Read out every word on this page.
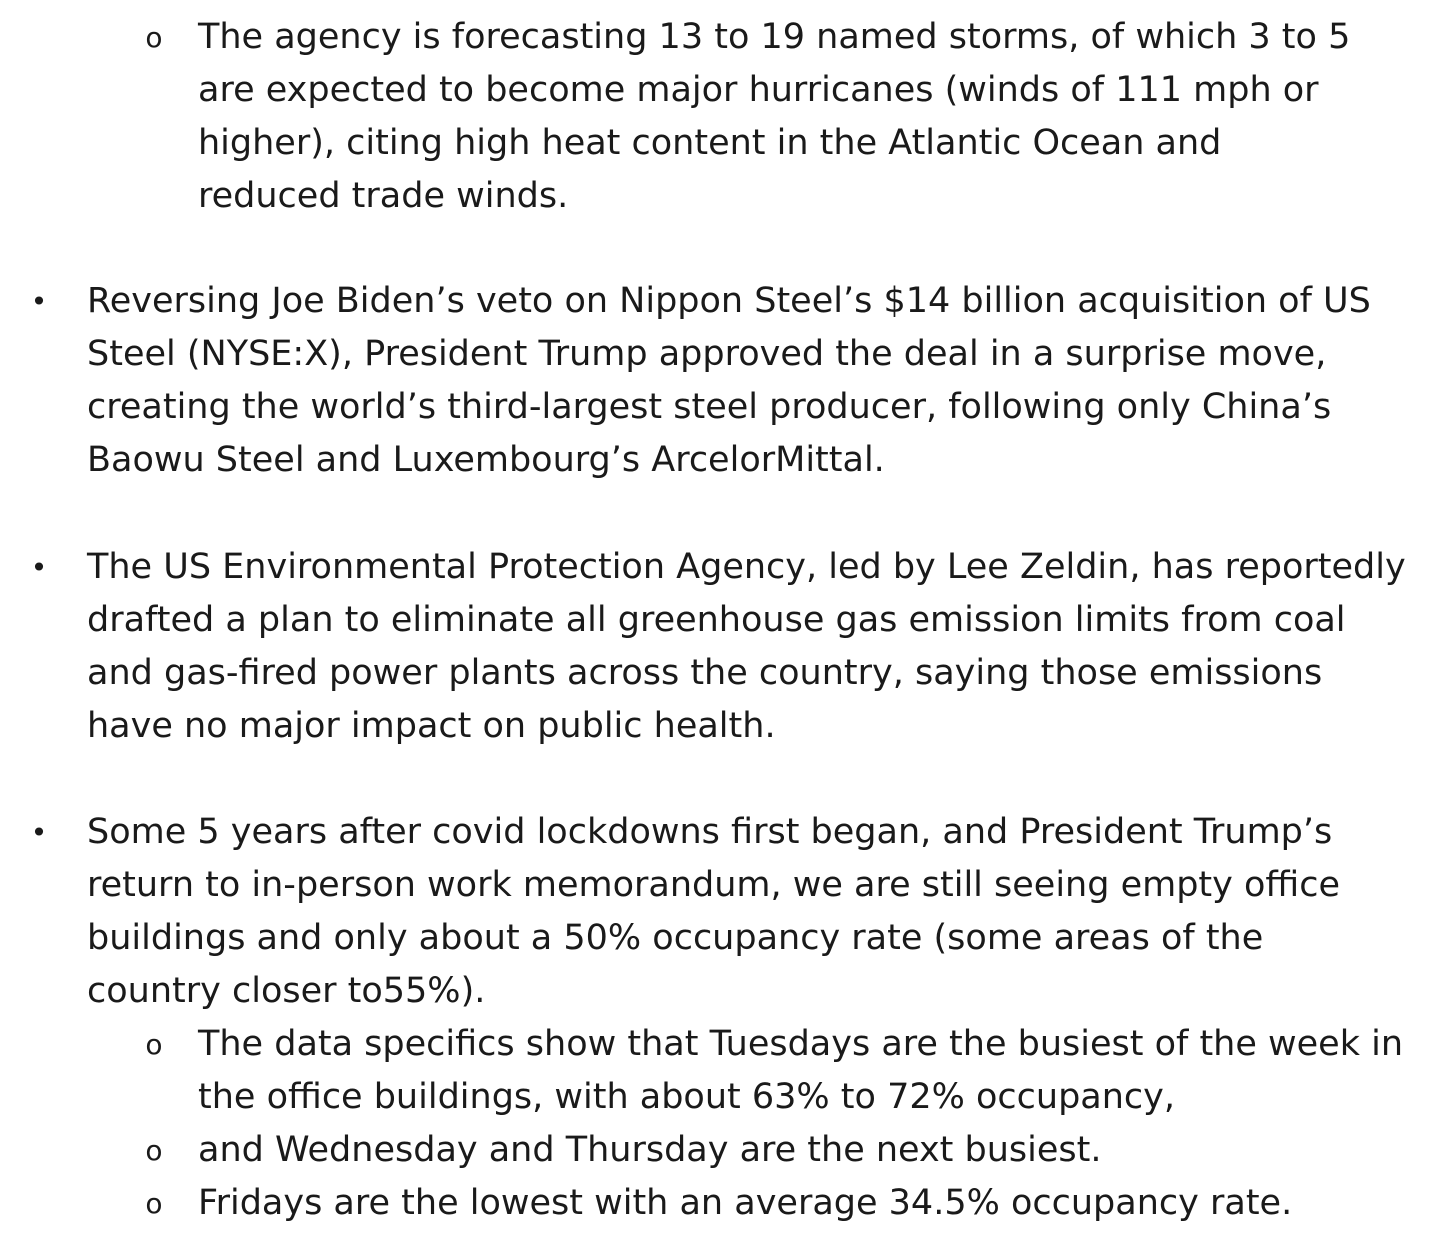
o The agency is forecasting 13 to 19 named storms, of which 3 to 5
are expected to become major hurricanes (winds of 111 mph or
higher), citing high heat content in the Atlantic Ocean and
reduced trade winds.
• Reversing Joe Biden’s veto on Nippon Steel’s $14 billion acquisition of US
Steel (NYSE:X), President Trump approved the deal in a surprise move,
creating the world’s third-largest steel producer, following only China’s
Baowu Steel and Luxembourg’s ArcelorMittal.
• The US Environmental Protection Agency, led by Lee Zeldin, has reportedly
drafted a plan to eliminate all greenhouse gas emission limits from coal
and gas-fired power plants across the country, saying those emissions
have no major impact on public health.
• Some 5 years after covid lockdowns first began, and President Trump’s
return to in-person work memorandum, we are still seeing empty office
buildings and only about a 50% occupancy rate (some areas of the
country closer to55%).
o The data specifics show that Tuesdays are the busiest of the week in
the office buildings, with about 63% to 72% occupancy,
o and Wednesday and Thursday are the next busiest.
o Fridays are the lowest with an average 34.5% occupancy rate.
